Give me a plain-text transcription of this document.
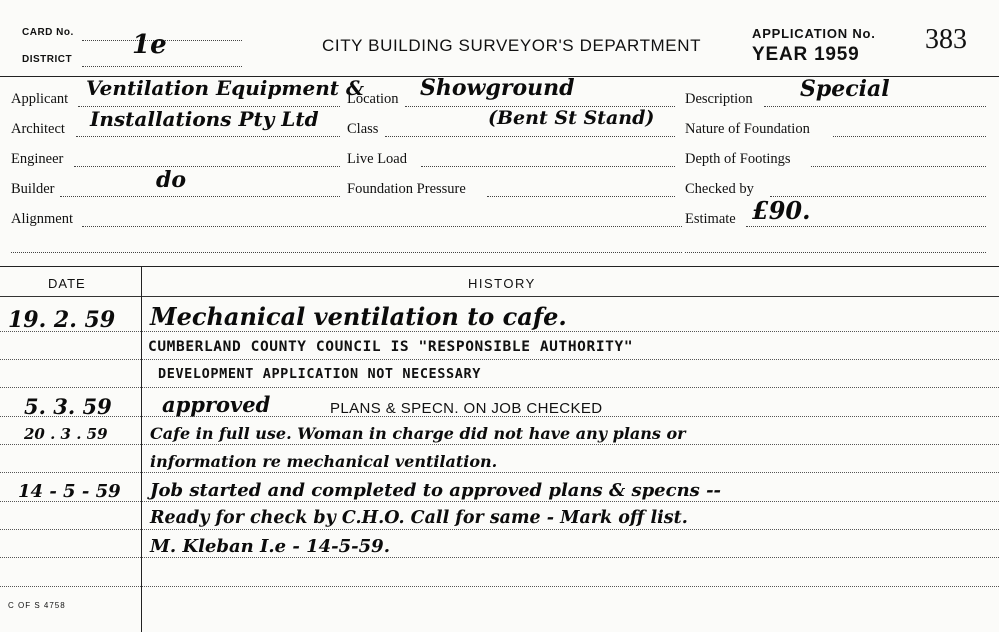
CARD No.
DISTRICT 1e	CITY BUILDING SURVEYOR'S DEPARTMENT
APPLICATION No.
YEAR 1959 383
Applicant Ventilation Equipment &
Architect Installations Pty Ltd
Engineer
Builder	do
Alignment
Location Showground
Class	(Bent St Stand)
Live Load
Foundation Pressure
Description Special
Nature of Foundation
Depth of Footings
Checked by
Estimate £90.
DATE	HISTORY
19. 2. 59 Mechanical ventilation to cafe.
CUMBERLAND COUNTY COUNCIL IS "RESPONSIBLE AUTHORITY"
DEVELOPMENT APPLICATION NOT NECESSARY
5. 3. 59 approved	PLANS & SPECN. ON JOB CHECKED
20 . 3 . 59	Cafe in full use. Woman in charge did not have any plans or
information re mechanical ventilation.
14 - 5 - 59 Job started and completed to approved plans & specns --
Ready for check by C.H.O. Call for same - Mark off list.
M. Kleban I.e - 14-5-59.
C OF S 4758
